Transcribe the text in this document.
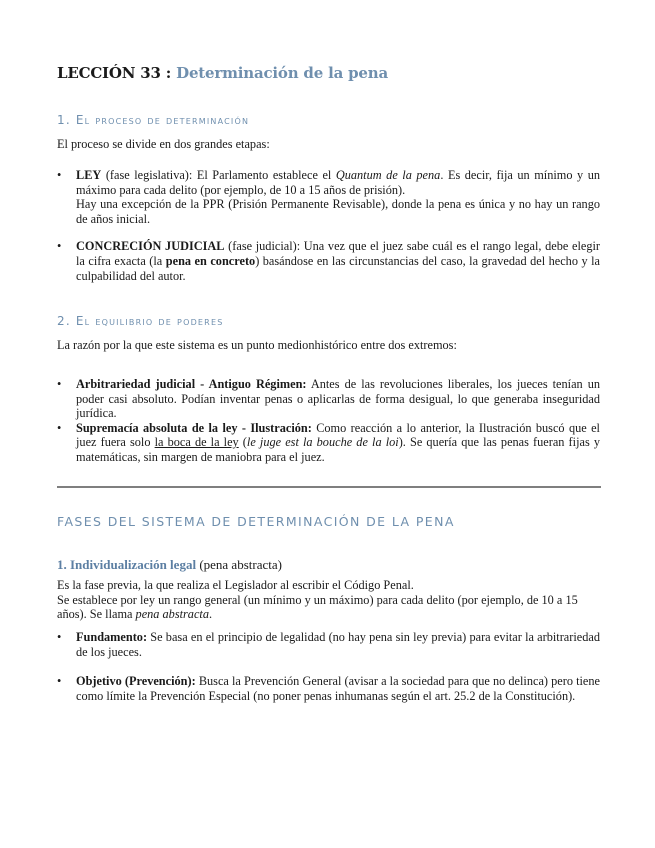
LECCIÓN 33 : Determinación de la pena
1. El proceso de determinación
El proceso se divide en dos grandes etapas:
• LEY (fase legislativa): El Parlamento establece el Quantum de la pena. Es decir, fija un mínimo y un máximo para cada delito (por ejemplo, de 10 a 15 años de prisión).
Hay una excepción de la PPR (Prisión Permanente Revisable), donde la pena es única y no hay un rango de años inicial.
• CONCRECIÓN JUDICIAL (fase judicial): Una vez que el juez sabe cuál es el rango legal, debe elegir la cifra exacta (la pena en concreto) basándose en las circunstancias del caso, la gravedad del hecho y la culpabilidad del autor.
2. El equilibrio de poderes
La razón por la que este sistema es un punto medionhistórico entre dos extremos:
• Arbitrariedad judicial - Antiguo Régimen: Antes de las revoluciones liberales, los jueces tenían un poder casi absoluto. Podían inventar penas o aplicarlas de forma desigual, lo que generaba inseguridad jurídica.
• Supremacía absoluta de la ley - Ilustración: Como reacción a lo anterior, la Ilustración buscó que el juez fuera solo la boca de la ley (le juge est la bouche de la loi). Se quería que las penas fueran fijas y matemáticas, sin margen de maniobra para el juez.
FASES DEL SISTEMA DE DETERMINACIÓN DE LA PENA
1. Individualización legal (pena abstracta)
Es la fase previa, la que realiza el Legislador al escribir el Código Penal.
Se establece por ley un rango general (un mínimo y un máximo) para cada delito (por ejemplo, de 10 a 15 años). Se llama pena abstracta.
• Fundamento: Se basa en el principio de legalidad (no hay pena sin ley previa) para evitar la arbitrariedad de los jueces.
• Objetivo (Prevención): Busca la Prevención General (avisar a la sociedad para que no delinca) pero tiene como límite la Prevención Especial (no poner penas inhumanas según el art. 25.2 de la Constitución).
